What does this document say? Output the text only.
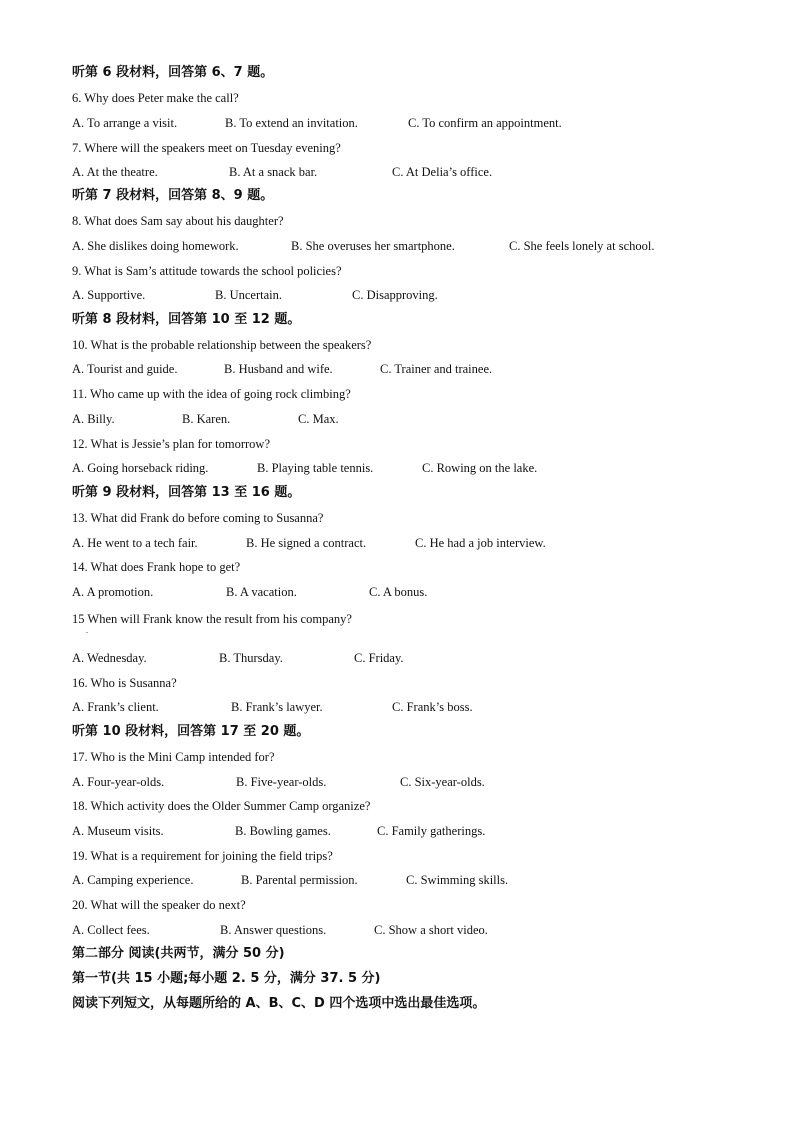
听第 6 段材料，回答第 6、7 题。
6. Why does Peter make the call?
A. To arrange a visit.	B. To extend an invitation.	C. To confirm an appointment.
7. Where will the speakers meet on Tuesday evening?
A. At the theatre.	B. At a snack bar.	C. At Delia’s office.
听第 7 段材料，回答第 8、9 题。
8. What does Sam say about his daughter?
A. She dislikes doing homework.	B. She overuses her smartphone.	C. She feels lonely at school.
9. What is Sam’s attitude towards the school policies?
A. Supportive.	B. Uncertain.	C. Disapproving.
听第 8 段材料，回答第 10 至 12 题。
10. What is the probable relationship between the speakers?
A. Tourist and guide.	B. Husband and wife.	C. Trainer and trainee.
11. Who came up with the idea of going rock climbing?
A. Billy.	B. Karen.	C. Max.
12. What is Jessie’s plan for tomorrow?
A. Going horseback riding.	B. Playing table tennis.	C. Rowing on the lake.
听第 9 段材料，回答第 13 至 16 题。
13. What did Frank do before coming to Susanna?
A. He went to a tech fair.	B. He signed a contract.	C. He had a job interview.
14. What does Frank hope to get?
A. A promotion.	B. A vacation.	C. A bonus.
15 When will Frank know the result from his company?
.
A. Wednesday.	B. Thursday.	C. Friday.
16. Who is Susanna?
A. Frank’s client.	B. Frank’s lawyer.	C. Frank’s boss.
听第 10 段材料，回答第 17 至 20 题。
17. Who is the Mini Camp intended for?
A. Four-year-olds.	B. Five-year-olds.	C. Six-year-olds.
18. Which activity does the Older Summer Camp organize?
A. Museum visits.	B. Bowling games.	C. Family gatherings.
19. What is a requirement for joining the field trips?
A. Camping experience.	B. Parental permission.	C. Swimming skills.
20. What will the speaker do next?
A. Collect fees.	B. Answer questions.	C. Show a short video.
第二部分 阅读(共两节，满分 50 分)
第一节(共 15 小题;每小题 2. 5 分，满分 37. 5 分)
阅读下列短文，从每题所给的 A、B、C、D 四个选项中选出最佳选项。
